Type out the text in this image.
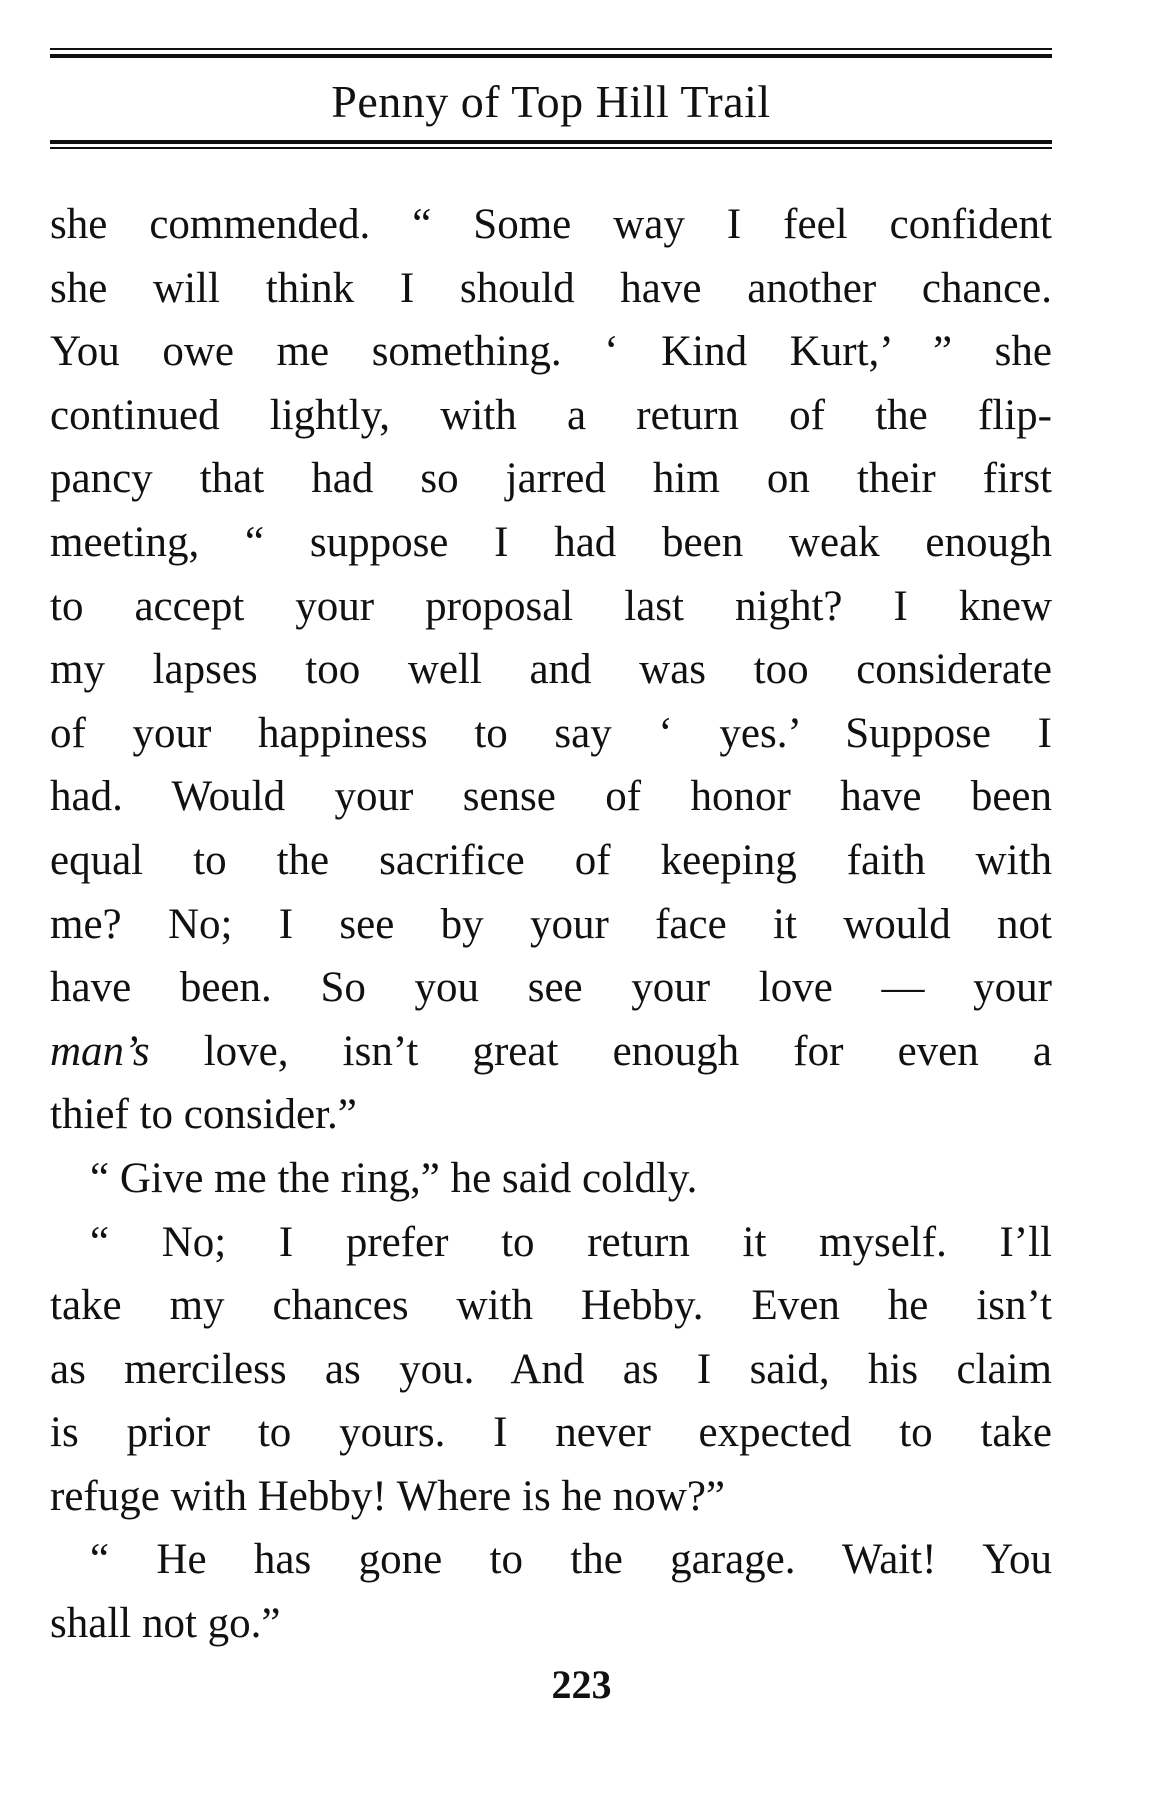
Penny of Top Hill Trail
she commended. “ Some way I feel confident
she will think I should have another chance.
You owe me something. ‘ Kind Kurt,’ ” she
continued lightly, with a return of the flip-
pancy that had so jarred him on their first
meeting, “ suppose I had been weak enough
to accept your proposal last night? I knew
my lapses too well and was too considerate
of your happiness to say ‘ yes.’ Suppose I
had. Would your sense of honor have been
equal to the sacrifice of keeping faith with
me? No; I see by your face it would not
have been. So you see your love — your
man’s love, isn’t great enough for even a
thief to consider.”
“ Give me the ring,” he said coldly.
“ No; I prefer to return it myself. I’ll
take my chances with Hebby. Even he isn’t
as merciless as you. And as I said, his claim
is prior to yours. I never expected to take
refuge with Hebby! Where is he now?”
“ He has gone to the garage. Wait! You
shall not go.”
223
